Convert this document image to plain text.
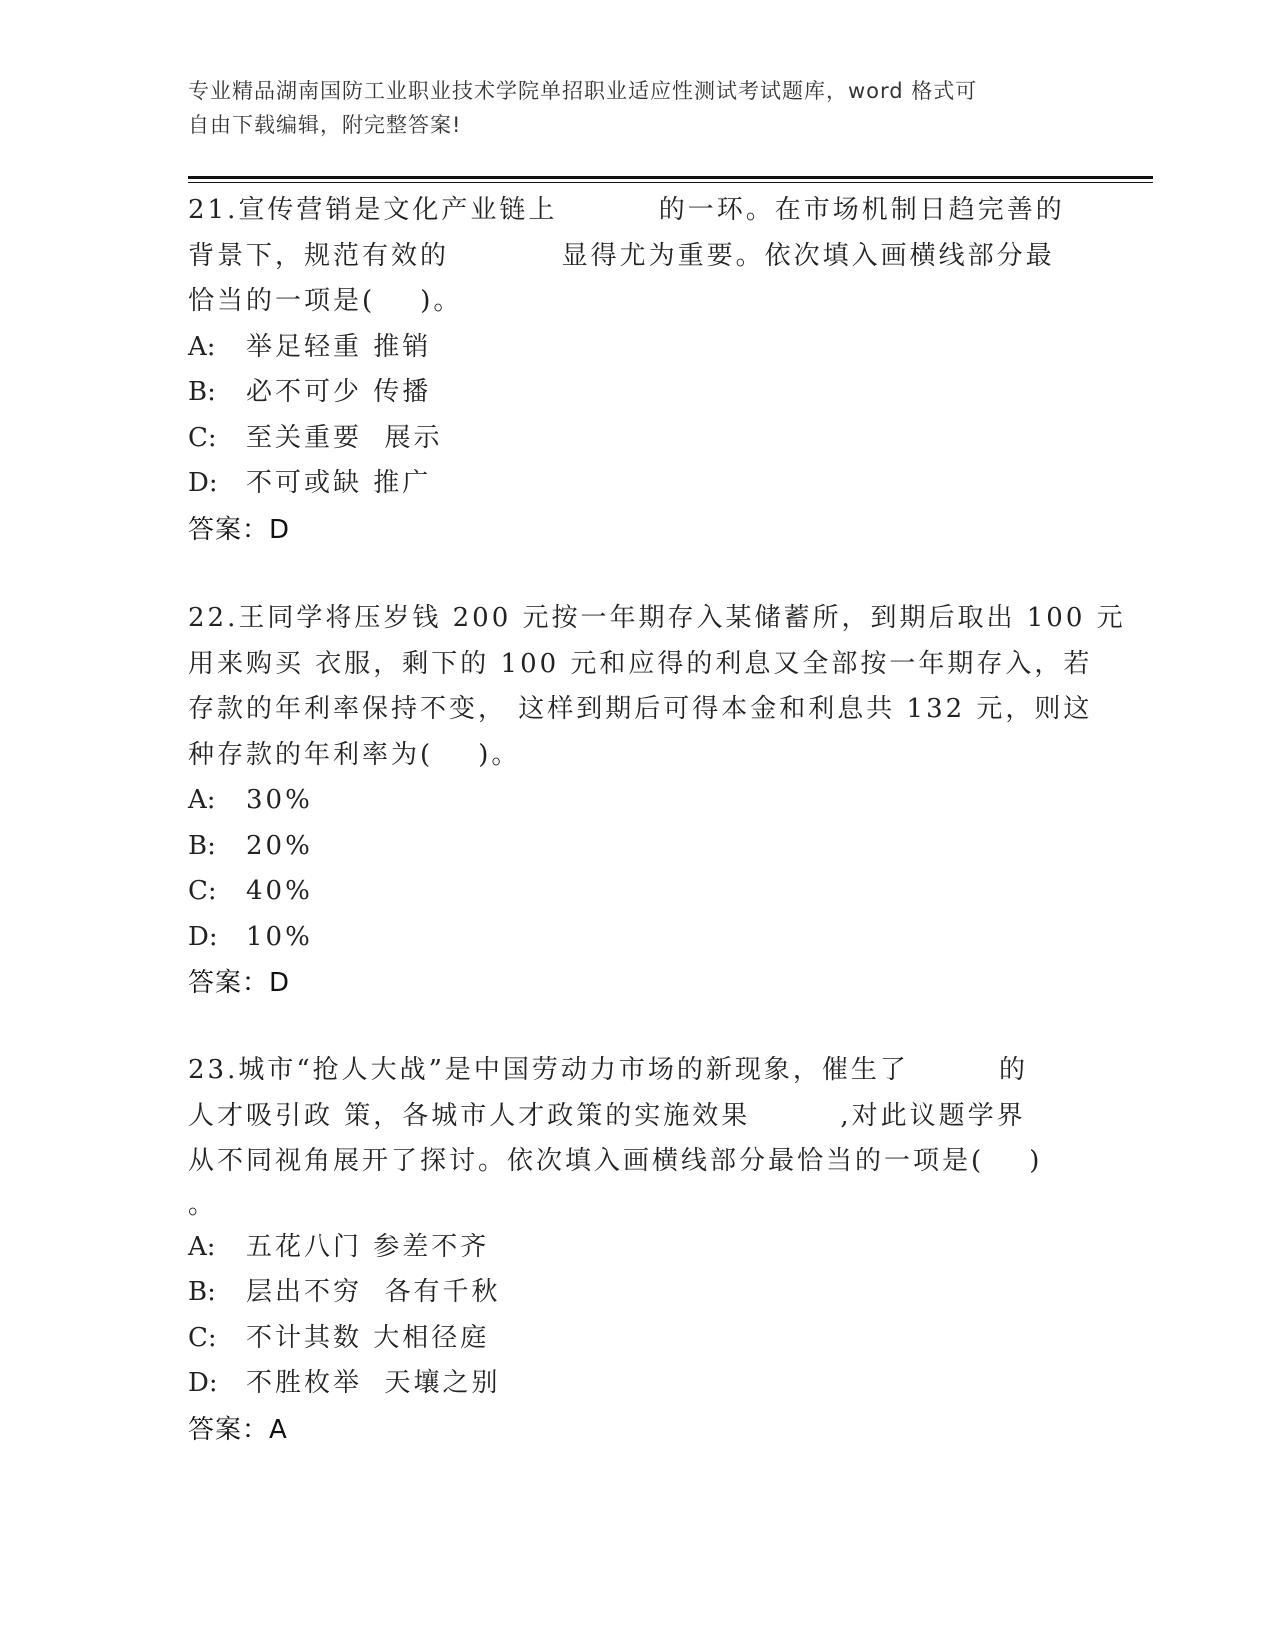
专业精品湖南国防工业职业技术学院单招职业适应性测试考试题库，word 格式可
自由下载编辑，附完整答案!
21.宣传营销是文化产业链上         的一环。在市场机制日趋完善的
背景下，规范有效的          显得尤为重要。依次填入画横线部分最
恰当的一项是(    )。
A: 举足轻重 推销
B: 必不可少 传播
C: 至关重要  展示
D: 不可或缺 推广
答案：D
22.王同学将压岁钱 200 元按一年期存入某储蓄所，到期后取出 100 元
用来购买 衣服，剩下的 100 元和应得的利息又全部按一年期存入，若
存款的年利率保持不变， 这样到期后可得本金和利息共 132 元，则这
种存款的年利率为(    )。
A: 30%
B: 20%
C: 40%
D: 10%
答案：D
23.城市“抢人大战”是中国劳动力市场的新现象，催生了        的
人才吸引政 策，各城市人才政策的实施效果        ,对此议题学界
从不同视角展开了探讨。依次填入画横线部分最恰当的一项是(    )
。
A: 五花八门 参差不齐
B: 层出不穷  各有千秋
C: 不计其数 大相径庭
D: 不胜枚举  天壤之别
答案：A
